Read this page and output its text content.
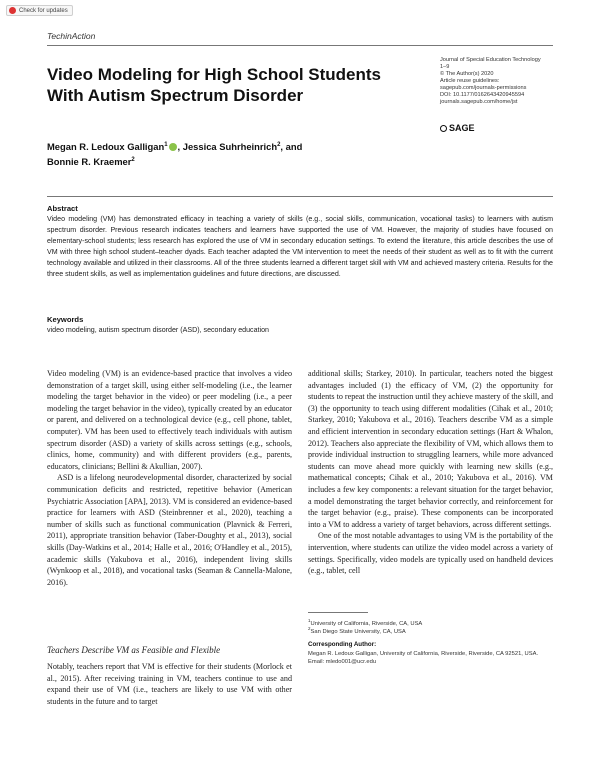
Check for updates
TechinAction
Video Modeling for High School Students With Autism Spectrum Disorder
Journal of Special Education Technology
1–9
© The Author(s) 2020
Article reuse guidelines:
sagepub.com/journals-permissions
DOI: 10.1177/0162643420945594
journals.sagepub.com/home/jst
SAGE
Megan R. Ledoux Galligan$^1$ , Jessica Suhrheinrich$^2$, and
Bonnie R. Kraemer$^2$
Abstract
Video modeling (VM) has demonstrated efficacy in teaching a variety of skills (e.g., social skills, communication, vocational tasks) to learners with autism spectrum disorder. Previous research indicates teachers and learners have supported the use of VM. However, the majority of studies have focused on elementary-school students; less research has explored the use of VM in secondary education settings. To extend the literature, this article describes the use of VM with three high school student–teacher dyads. Each teacher adapted the VM intervention to meet the needs of their student as well as to fit with the current technology available and utilized in their classrooms. All of the three students learned a different target skill with VM and achieved mastery criteria. Results for the three student skills, as well as implementation guidelines and future directions, are discussed.
Keywords
video modeling, autism spectrum disorder (ASD), secondary education

Video modeling (VM) is an evidence-based practice that involves a video demonstration of a target skill, using either self-modeling (i.e., the learner modeling the target behavior in the video) or peer modeling (i.e., a peer modeling the target behavior in the video), typically created by an educator or parent, and delivered on a technological device (e.g., cell phone, tablet, computer). VM has been used to effectively teach individuals with autism spectrum disorder (ASD) a variety of skills across settings (e.g., schools, clinics, home, community) and with different providers (e.g., parents, educators, clinicians; Bellini & Akullian, 2007).

ASD is a lifelong neurodevelopmental disorder, characterized by social communication deficits and restricted, repetitive behavior (American Psychiatric Association [APA], 2013). VM is considered an evidence-based practice for learners with ASD (Steinbrenner et al., 2020), teaching a number of skills such as functional communication (Plavnick & Ferreri, 2011), appropriate transition behavior (Taber-Doughty et al., 2013), social skills (Day-Watkins et al., 2014; Halle et al., 2016; O'Handley et al., 2015), academic skills (Yakubova et al., 2016), independent living skills (Wynkoop et al., 2018), and vocational tasks (Seaman & Cannella-Malone, 2016).

Teachers Describe VM as Feasible and Flexible

Notably, teachers report that VM is effective for their students (Morlock et al., 2015). After receiving training in VM, teachers continue to use and expand their use of VM (i.e., teachers are likely to use VM with other students in the future and to target

additional skills; Starkey, 2010). In particular, teachers noted the biggest advantages included (1) the efficacy of VM, (2) the opportunity for students to repeat the instruction until they achieve mastery of the skill, and (3) the opportunity to teach using different modalities (Cihak et al., 2010; Starkey, 2010; Yakubova et al., 2016). Teachers describe VM as a simple and efficient intervention in secondary education settings (Hart & Whalon, 2012). Teachers also appreciate the flexibility of VM, which allows them to provide individual instruction to struggling learners, while more advanced students can move ahead more quickly with learning new skills (e.g., mathematical concepts; Cihak et al., 2010; Yakubova et al., 2016). VM includes a few key components: a relevant situation for the target behavior, a model demonstrating the target behavior correctly, and reinforcement for the target behavior (e.g., praise). These components can be incorporated into a VM to address a variety of target behaviors, across different settings.

One of the most notable advantages to using VM is the portability of the intervention, where students can utilize the video model across a variety of settings. Specifically, video models are typically used on handheld devices (e.g., tablet, cell

$^1$University of California, Riverside, CA, USA
$^2$San Diego State University, CA, USA
Corresponding Author:
Megan R. Ledoux Galligan, University of California, Riverside, Riverside, CA 92521, USA.
Email: mledo001@ucr.edu
